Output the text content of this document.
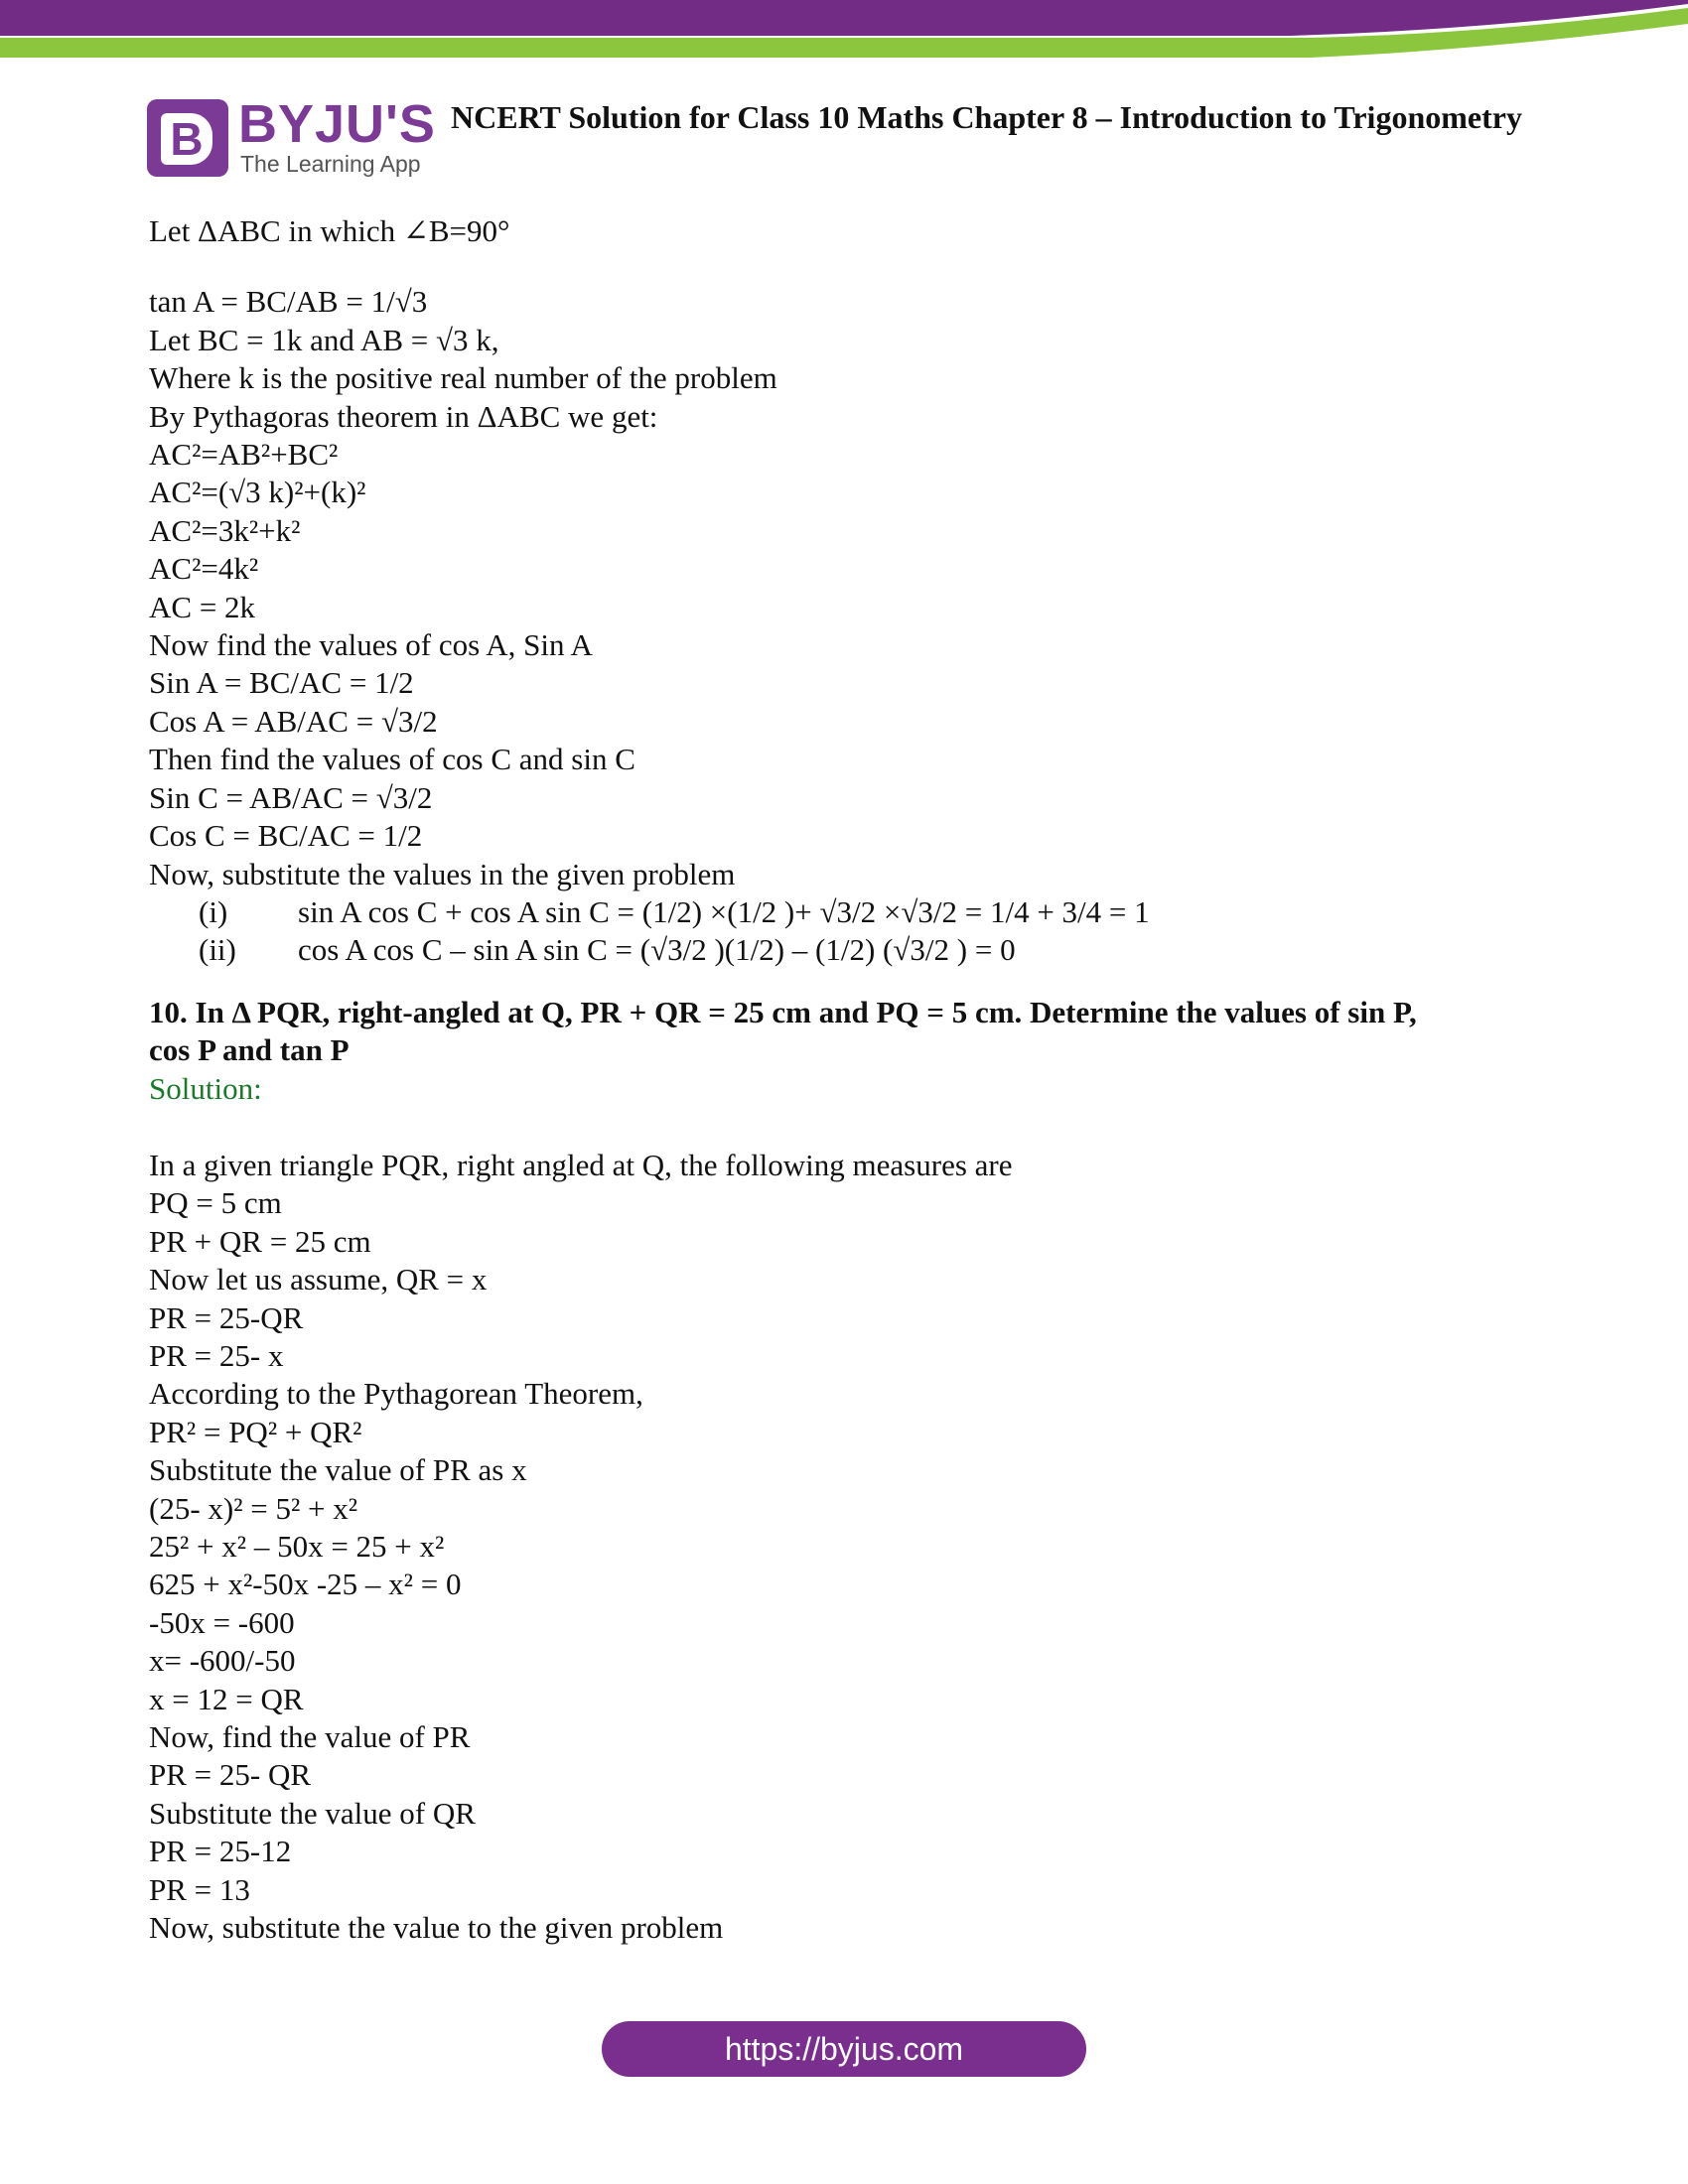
B BYJU'S
The Learning App
NCERT Solution for Class 10 Maths Chapter 8 – Introduction to Trigonometry
Let ΔABC in which ∠B=90°
tan A = BC/AB = 1/√3
Let BC = 1k and AB = √3 k,
Where k is the positive real number of the problem
By Pythagoras theorem in ΔABC we get:
AC²=AB²+BC²
AC²=(√3 k)²+(k)²
AC²=3k²+k²
AC²=4k²
AC = 2k
Now find the values of cos A, Sin A
Sin A = BC/AC = 1/2
Cos A = AB/AC = √3/2
Then find the values of cos C and sin C
Sin C = AB/AC = √3/2
Cos C = BC/AC = 1/2
Now, substitute the values in the given problem
(i) sin A cos C + cos A sin C = (1/2) ×(1/2 )+ √3/2 ×√3/2 = 1/4 + 3/4 = 1
(ii) cos A cos C – sin A sin C = (√3/2 )(1/2) – (1/2) (√3/2 ) = 0
10. In Δ PQR, right-angled at Q, PR + QR = 25 cm and PQ = 5 cm. Determine the values of sin P,
cos P and tan P
Solution:
In a given triangle PQR, right angled at Q, the following measures are
PQ = 5 cm
PR + QR = 25 cm
Now let us assume, QR = x
PR = 25-QR
PR = 25- x
According to the Pythagorean Theorem,
PR² = PQ² + QR²
Substitute the value of PR as x
(25- x)² = 5² + x²
25² + x² – 50x = 25 + x²
625 + x²-50x -25 – x² = 0
-50x = -600
x= -600/-50
x = 12 = QR
Now, find the value of PR
PR = 25- QR
Substitute the value of QR
PR = 25-12
PR = 13
Now, substitute the value to the given problem
https://byjus.com
